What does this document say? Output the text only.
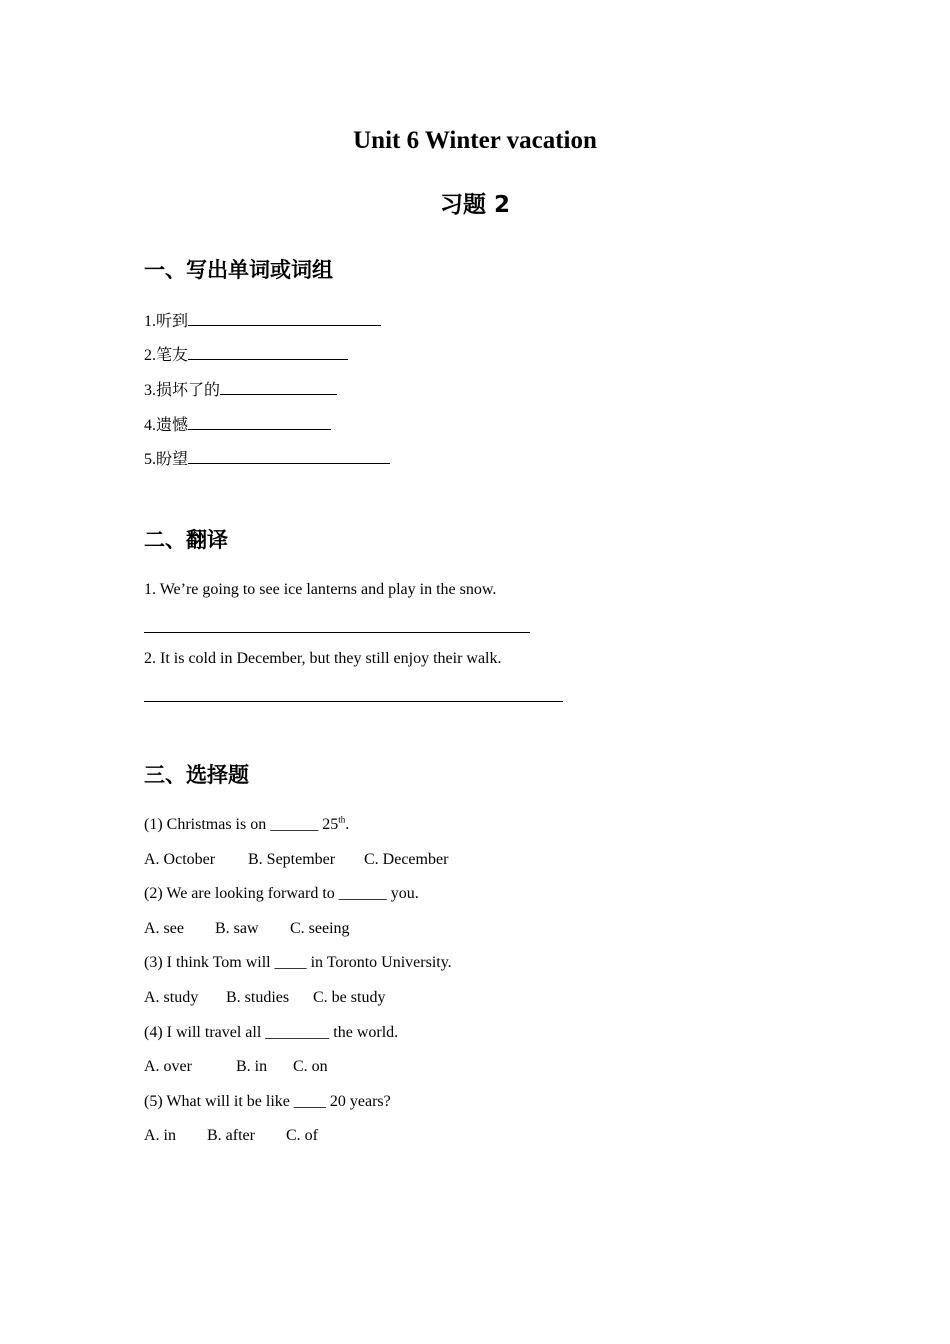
Unit 6 Winter vacation
习题 2
一、写出单词或词组
1.听到
2.笔友
3.损坏了的
4.遗憾
5.盼望
二、翻译
1. We’re going to see ice lanterns and play in the snow.
2. It is cold in December, but they still enjoy their walk.
三、选择题
(1) Christmas is on ______ 25th.
A. October B. September C. December
(2) We are looking forward to ______ you.
A. see B. saw C. seeing
(3) I think Tom will ____ in Toronto University.
A. study B. studies C. be study
(4) I will travel all ________ the world.
A. over	B. in C. on
(5) What will it be like ____ 20 years?
A. in B. after C. of
